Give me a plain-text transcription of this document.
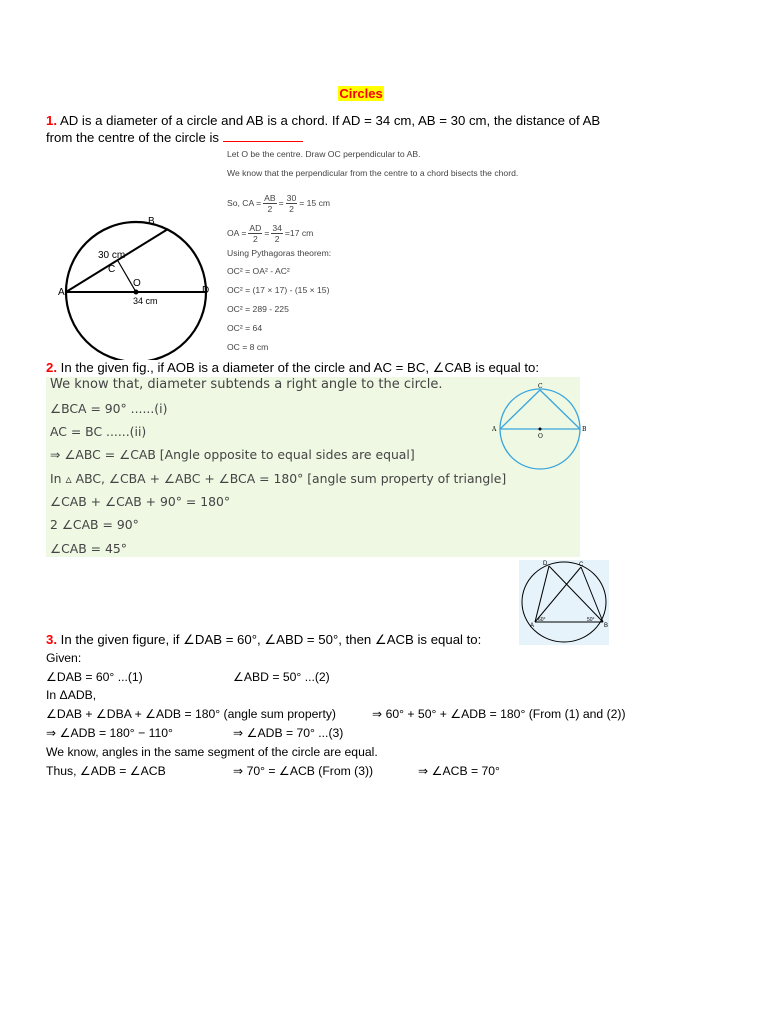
Circles
1. AD is a diameter of a circle and AB is a chord. If AD = 34 cm, AB = 30 cm, the distance of AB
from the centre of the circle is
A
B
C
O
D
30 cm
34 cm
Let O be the centre. Draw OC perpendicular to AB.
We know that the perpendicular from the centre to a chord bisects the chord.
So, CA = $\frac{AB}{2} = \frac{30}{2} = 15$ cm
OA = $\frac{AD}{2} = \frac{34}{2} =17$ cm
Using Pythagoras theorem:
OC² = OA² - AC²
OC² = (17 × 17) - (15 × 15)
OC² = 289 - 225
OC² = 64
OC = 8 cm
2. In the given fig., if AOB is a diameter of the circle and AC = BC, ∠CAB is equal to:
We know that, diameter subtends a right angle to the circle.
∠BCA = 90° ......(i)
AC = BC ......(ii)
⇒ ∠ABC = ∠CAB [Angle opposite to equal sides are equal]
In ▵ ABC, ∠CBA + ∠ABC + ∠BCA = 180° [angle sum property of triangle]
∠CAB + ∠CAB + 90° = 180°
2 ∠CAB = 90°
∠CAB = 45°
A	B
C
O
D	C
A	B
60°	50°
3. In the given figure, if ∠DAB = 60°, ∠ABD = 50°, then ∠ACB is equal to:
Given:
∠DAB = 60° ...(1)	∠ABD = 50° ...(2)
In ΔADB,
∠DAB + ∠DBA + ∠ADB = 180° (angle sum property)	⇒ 60° + 50° + ∠ADB = 180° (From (1) and (2))
⇒ ∠ADB = 180° − 110°	⇒ ∠ADB = 70° ...(3)
We know, angles in the same segment of the circle are equal.
Thus, ∠ADB = ∠ACB	⇒ 70° = ∠ACB (From (3))	⇒ ∠ACB = 70°
